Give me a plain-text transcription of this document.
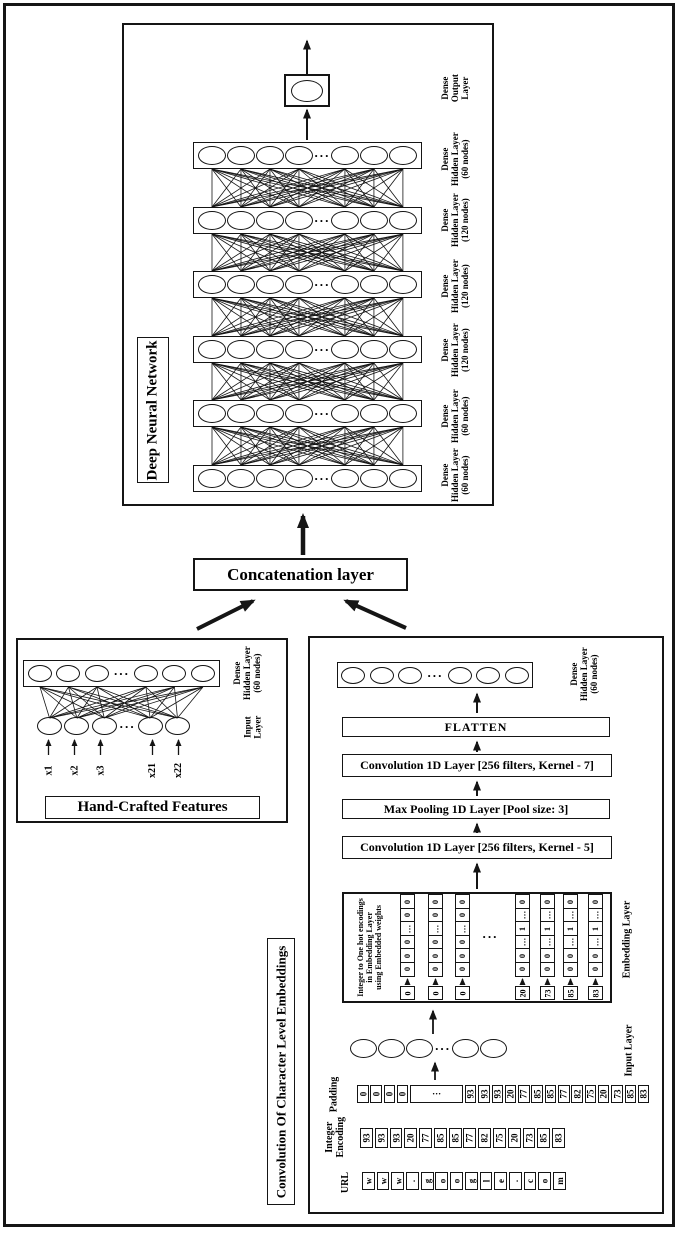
Deep Neural Network
···
···
···
···
···
···
Dense
Output
Layer
Dense
Hidden Layer
(60 nodes)
Dense
Hidden Layer
(120 nodes)
Dense
Hidden Layer
(120 nodes)
Dense
Hidden Layer
(120 nodes)
Dense
Hidden Layer
(60 nodes)
Dense
Hidden Layer
(60 nodes)
Concatenation layer
···
···
Dense
Hidden Layer
(60 nodes)
Input
Layer
x1 x2 x3	x21 x22
Hand-Crafted Features
Convolution Of Character Level Embeddings
···	Dense
Hidden Layer
(60 nodes)
FLATTEN
Convolution 1D Layer [256 filters, Kernel - 7]
Max Pooling 1D Layer [Pool size: 3]
Convolution 1D Layer [256 filters, Kernel - 5]
Integer to One hot encodings
in Embedding Layer
using Embedded weights
0
0
…
0
0
0
0
0
0
…
0
0
0
0
0
0
…
0
0
0
0
0
…
1
…
0
0
20
0
…
1
…
0
0
73
0
…
1
…
0
0
85
0
…
1
…
0
0
83
···	Embedding Layer
···	Input Layer
Padding 0 0 0 0	···	93 93 93 20 77 85 85 77 82 75 20 73 85 83
Integer
Encoding 93 93 93 20 77 85 85 77 82 75 20 73 85 83
URL w w w . g o o g l e . c o m
